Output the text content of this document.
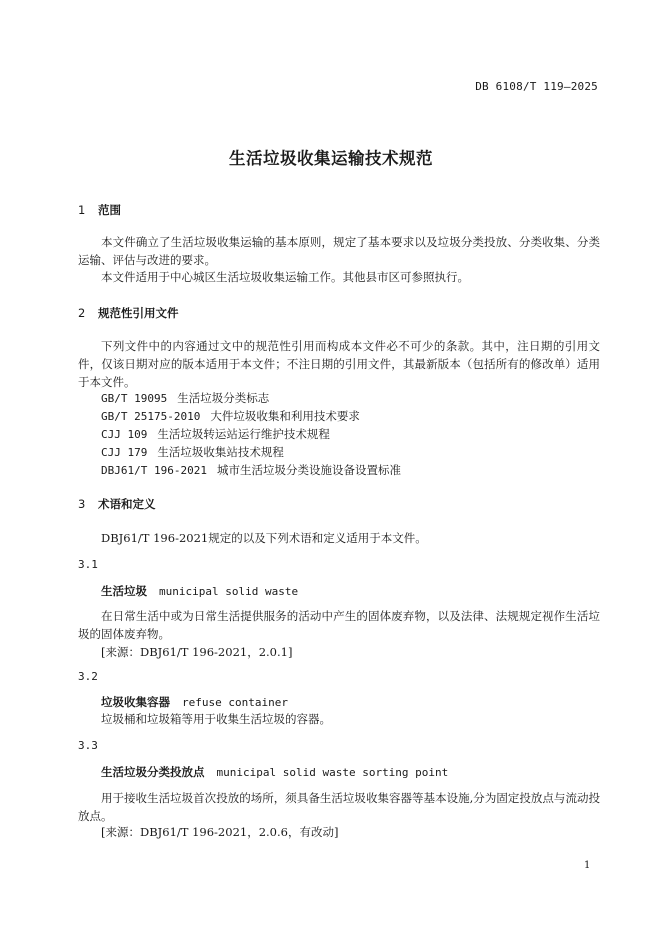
DB 6108/T 119—2025
生活垃圾收集运输技术规范
1 范围
本文件确立了生活垃圾收集运输的基本原则，规定了基本要求以及垃圾分类投放、分类收集、分类运输、评估与改进的要求。
本文件适用于中心城区生活垃圾收集运输工作。其他县市区可参照执行。
2 规范性引用文件
下列文件中的内容通过文中的规范性引用而构成本文件必不可少的条款。其中，注日期的引用文件，仅该日期对应的版本适用于本文件；不注日期的引用文件，其最新版本（包括所有的修改单）适用于本文件。
GB/T 19095 生活垃圾分类标志
GB/T 25175-2010 大件垃圾收集和利用技术要求
CJJ 109 生活垃圾转运站运行维护技术规程
CJJ 179 生活垃圾收集站技术规程
DBJ61/T 196-2021 城市生活垃圾分类设施设备设置标准
3 术语和定义
DBJ61/T 196-2021规定的以及下列术语和定义适用于本文件。
3.1
生活垃圾 municipal solid waste
在日常生活中或为日常生活提供服务的活动中产生的固体废弃物，以及法律、法规规定视作生活垃圾的固体废弃物。
[来源：DBJ61/T 196-2021，2.0.1]
3.2
垃圾收集容器 refuse container
垃圾桶和垃圾箱等用于收集生活垃圾的容器。
3.3
生活垃圾分类投放点 municipal solid waste sorting point
用于接收生活垃圾首次投放的场所，须具备生活垃圾收集容器等基本设施,分为固定投放点与流动投放点。
[来源：DBJ61/T 196-2021，2.0.6，有改动]
1
